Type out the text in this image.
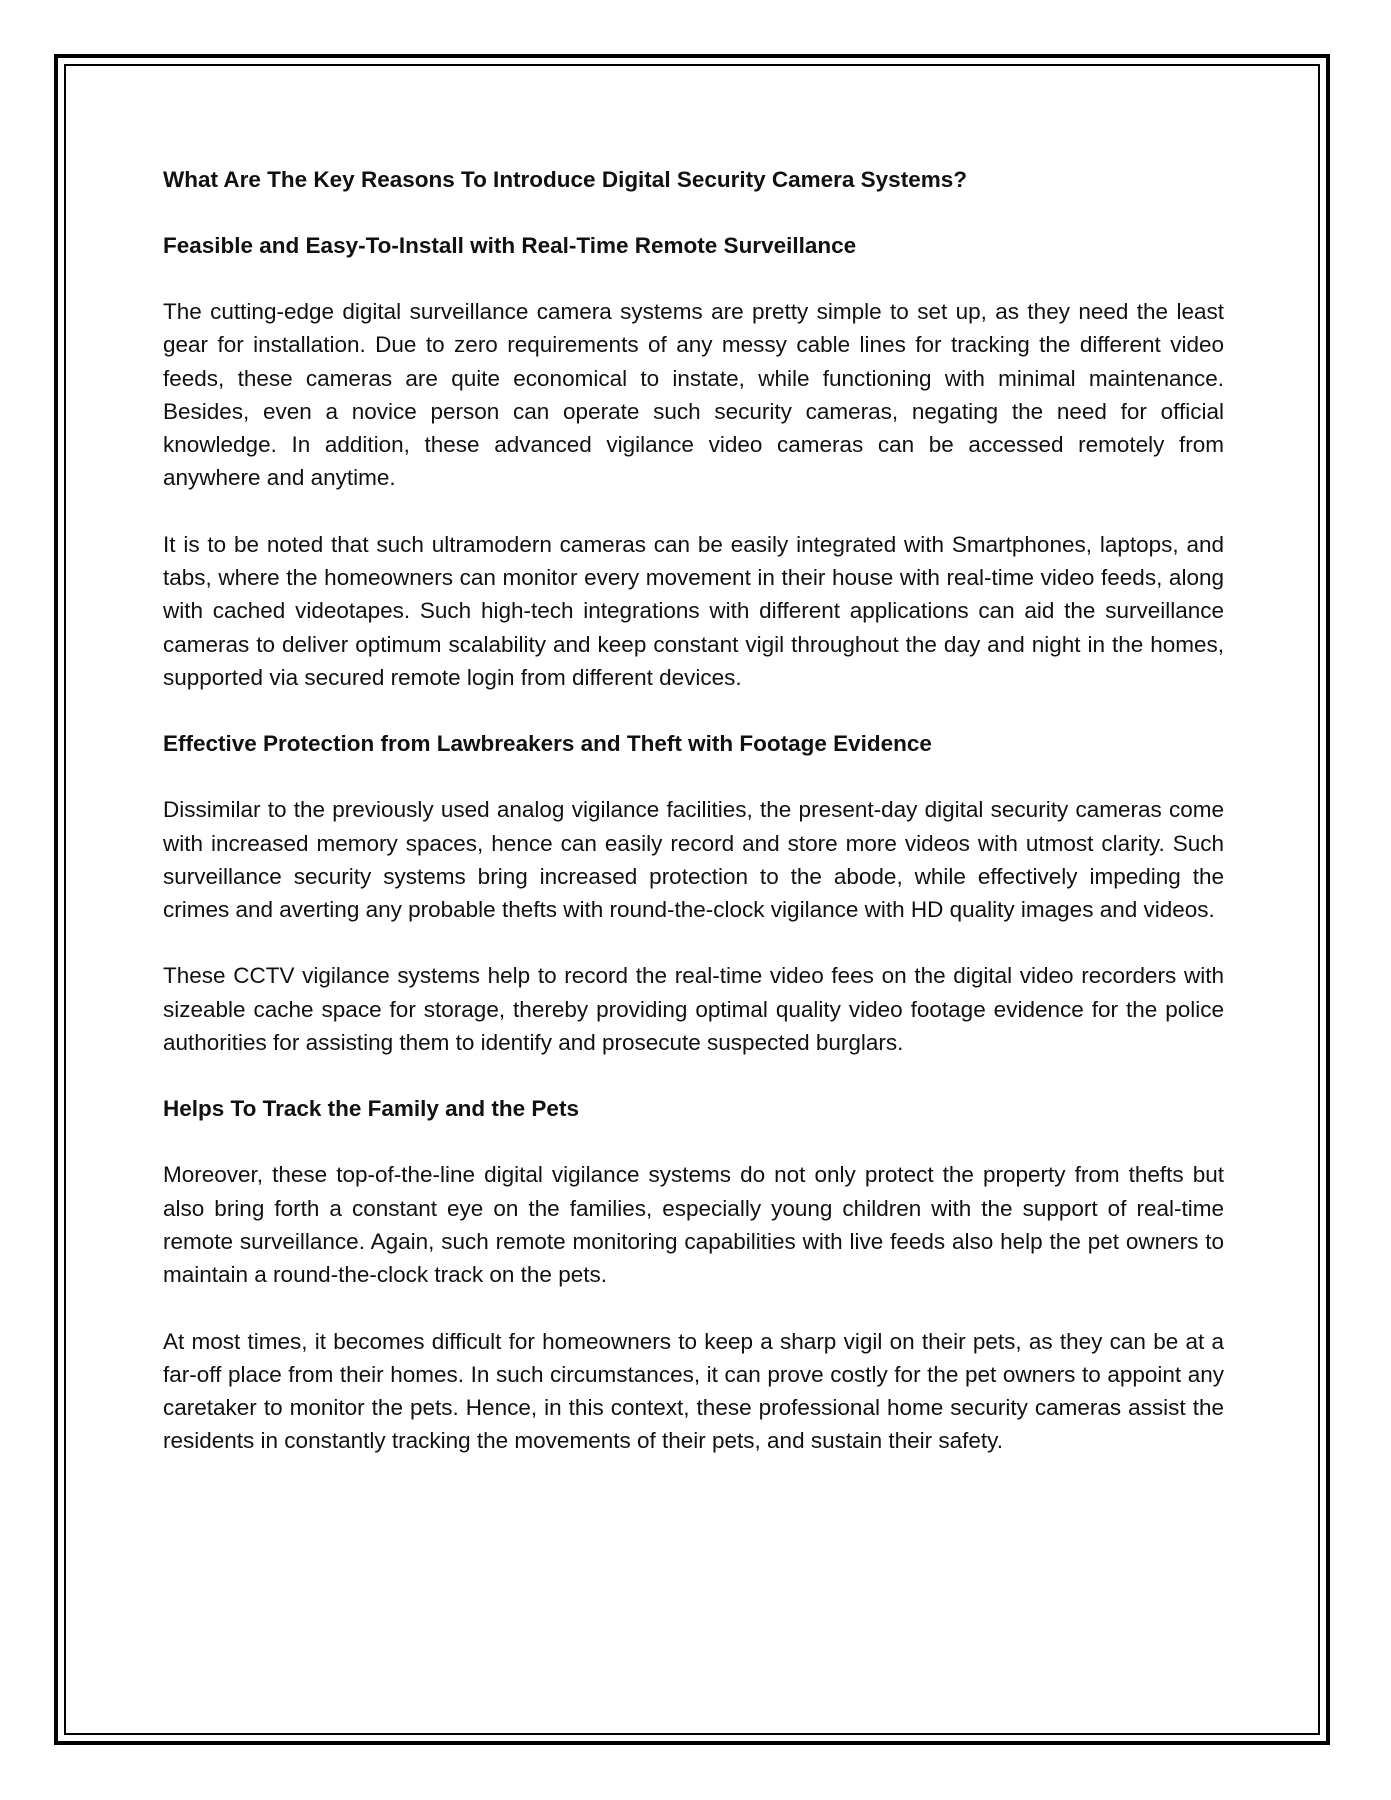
What Are The Key Reasons To Introduce Digital Security Camera Systems?
Feasible and Easy-To-Install with Real-Time Remote Surveillance

The cutting-edge digital surveillance camera systems are pretty simple to set up, as they need the least gear for installation. Due to zero requirements of any messy cable lines for tracking the different video feeds, these cameras are quite economical to instate, while functioning with minimal maintenance. Besides, even a novice person can operate such security cameras, negating the need for official knowledge. In addition, these advanced vigilance video cameras can be accessed remotely from anywhere and anytime.

It is to be noted that such ultramodern cameras can be easily integrated with Smartphones, laptops, and tabs, where the homeowners can monitor every movement in their house with real-time video feeds, along with cached videotapes. Such high-tech integrations with different applications can aid the surveillance cameras to deliver optimum scalability and keep constant vigil throughout the day and night in the homes, supported via secured remote login from different devices.

Effective Protection from Lawbreakers and Theft with Footage Evidence

Dissimilar to the previously used analog vigilance facilities, the present-day digital security cameras come with increased memory spaces, hence can easily record and store more videos with utmost clarity. Such surveillance security systems bring increased protection to the abode, while effectively impeding the crimes and averting any probable thefts with round-the-clock vigilance with HD quality images and videos.

These CCTV vigilance systems help to record the real-time video fees on the digital video recorders with sizeable cache space for storage, thereby providing optimal quality video footage evidence for the police authorities for assisting them to identify and prosecute suspected burglars.

Helps To Track the Family and the Pets

Moreover, these top-of-the-line digital vigilance systems do not only protect the property from thefts but also bring forth a constant eye on the families, especially young children with the support of real-time remote surveillance. Again, such remote monitoring capabilities with live feeds also help the pet owners to maintain a round-the-clock track on the pets.

At most times, it becomes difficult for homeowners to keep a sharp vigil on their pets, as they can be at a far-off place from their homes. In such circumstances, it can prove costly for the pet owners to appoint any caretaker to monitor the pets. Hence, in this context, these professional home security cameras assist the residents in constantly tracking the movements of their pets, and sustain their safety.
